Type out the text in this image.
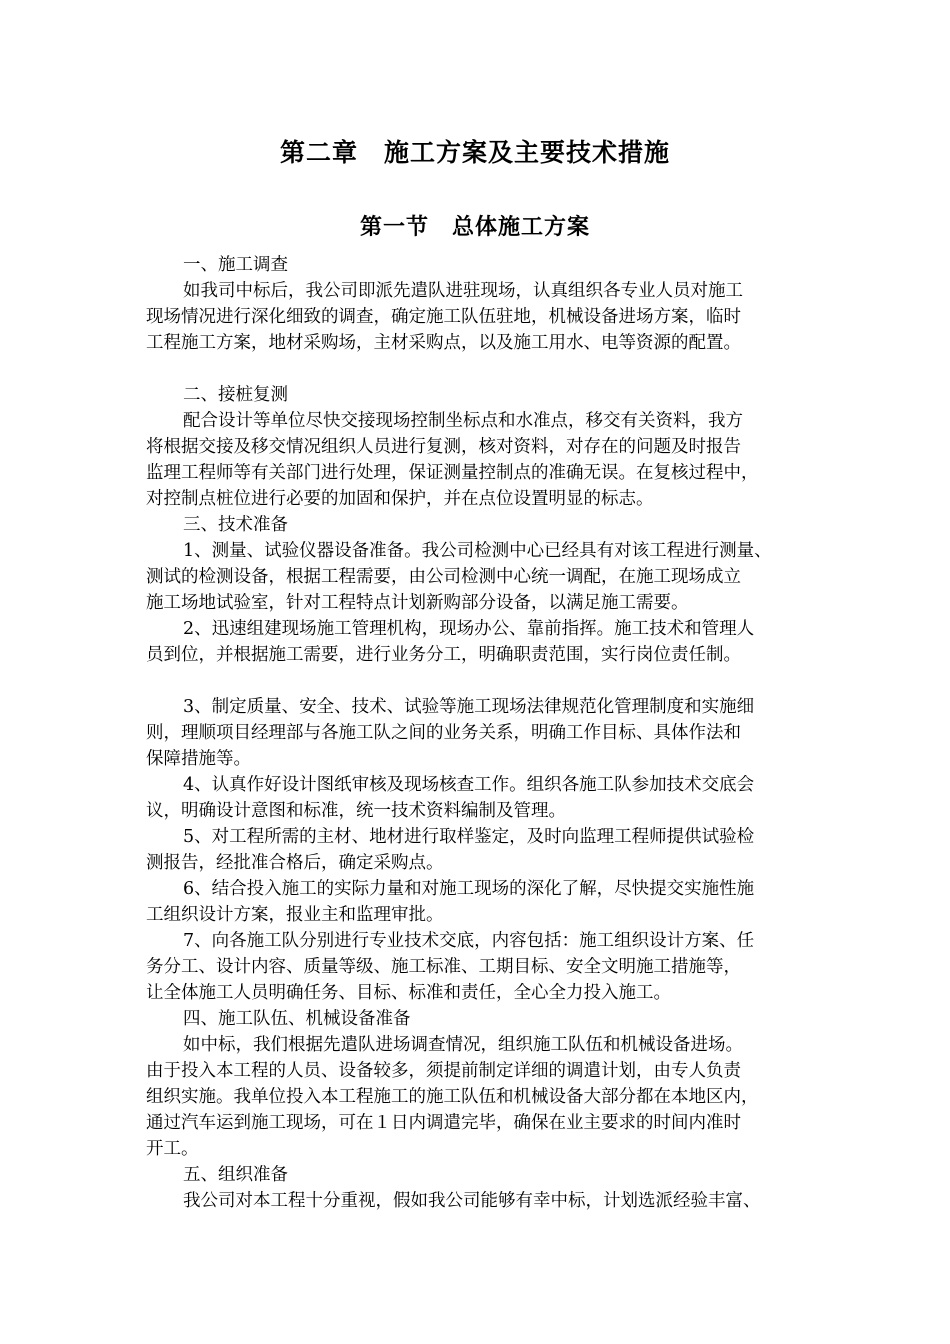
第二章　施工方案及主要技术措施
第一节　总体施工方案
一、施工调查
如我司中标后，我公司即派先遣队进驻现场，认真组织各专业人员对施工
现场情况进行深化细致的调查，确定施工队伍驻地，机械设备进场方案，临时
工程施工方案，地材采购场，主材采购点，以及施工用水、电等资源的配置。
二、接桩复测
配合设计等单位尽快交接现场控制坐标点和水准点，移交有关资料，我方
将根据交接及移交情况组织人员进行复测，核对资料，对存在的问题及时报告
监理工程师等有关部门进行处理，保证测量控制点的准确无误。在复核过程中，
对控制点桩位进行必要的加固和保护，并在点位设置明显的标志。
三、技术准备
1、测量、试验仪器设备准备。我公司检测中心已经具有对该工程进行测量、
测试的检测设备，根据工程需要，由公司检测中心统一调配，在施工现场成立
施工场地试验室，针对工程特点计划新购部分设备，以满足施工需要。
2、迅速组建现场施工管理机构，现场办公、靠前指挥。施工技术和管理人
员到位，并根据施工需要，进行业务分工，明确职责范围，实行岗位责任制。
3、制定质量、安全、技术、试验等施工现场法律规范化管理制度和实施细
则，理顺项目经理部与各施工队之间的业务关系，明确工作目标、具体作法和
保障措施等。
4、认真作好设计图纸审核及现场核查工作。组织各施工队参加技术交底会
议，明确设计意图和标准，统一技术资料编制及管理。
5、对工程所需的主材、地材进行取样鉴定，及时向监理工程师提供试验检
测报告，经批准合格后，确定采购点。
6、结合投入施工的实际力量和对施工现场的深化了解，尽快提交实施性施
工组织设计方案，报业主和监理审批。
7、向各施工队分别进行专业技术交底，内容包括：施工组织设计方案、任
务分工、设计内容、质量等级、施工标准、工期目标、安全文明施工措施等，
让全体施工人员明确任务、目标、标准和责任，全心全力投入施工。
四、施工队伍、机械设备准备
如中标，我们根据先遣队进场调查情况，组织施工队伍和机械设备进场。
由于投入本工程的人员、设备较多，须提前制定详细的调遣计划，由专人负责
组织实施。我单位投入本工程施工的施工队伍和机械设备大部分都在本地区内，
通过汽车运到施工现场，可在１日内调遣完毕，确保在业主要求的时间内准时
开工。
五、组织准备
我公司对本工程十分重视，假如我公司能够有幸中标，计划选派经验丰富、
